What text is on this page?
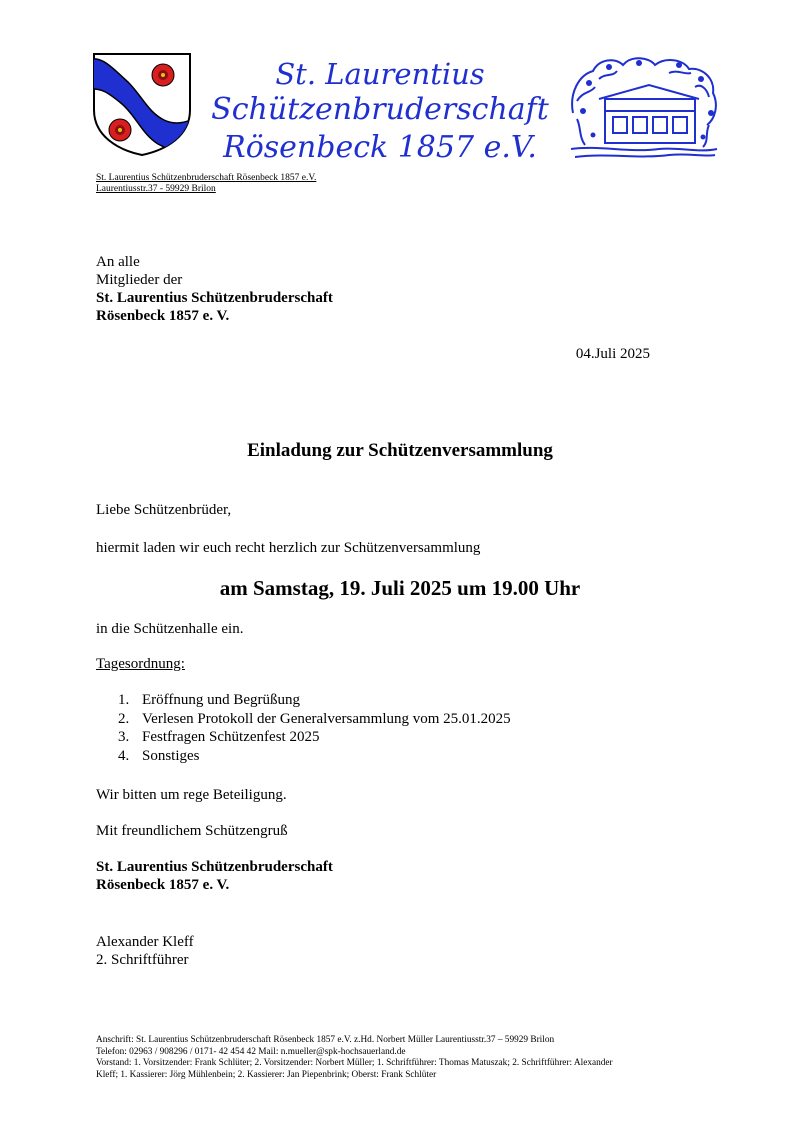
St. Laurentius
Schützenbruderschaft
Rösenbeck 1857 e.V.
St. Laurentius Schützenbruderschaft Rösenbeck 1857 e.V.
Laurentiusstr.37 - 59929 Brilon
An alle
Mitglieder der
St. Laurentius Schützenbruderschaft
Rösenbeck 1857 e. V.
04.Juli 2025
Einladung zur Schützenversammlung
Liebe Schützenbrüder,
hiermit laden wir euch recht herzlich zur Schützenversammlung
am Samstag, 19. Juli 2025 um 19.00 Uhr
in die Schützenhalle ein.
Tagesordnung:
1. Eröffnung und Begrüßung
2. Verlesen Protokoll der Generalversammlung vom 25.01.2025
3. Festfragen Schützenfest 2025
4. Sonstiges
Wir bitten um rege Beteiligung.
Mit freundlichem Schützengruß
St. Laurentius Schützenbruderschaft
Rösenbeck 1857 e. V.
Alexander Kleff
2. Schriftführer
Anschrift: St. Laurentius Schützenbruderschaft Rösenbeck 1857 e.V. z.Hd. Norbert Müller Laurentiusstr.37 – 59929 Brilon
Telefon: 02963 / 908296 / 0171- 42 454 42 Mail: n.mueller@spk-hochsauerland.de
Vorstand: 1. Vorsitzender: Frank Schlüter; 2. Vorsitzender: Norbert Müller; 1. Schriftführer: Thomas Matuszak; 2. Schriftführer: Alexander
Kleff; 1. Kassierer: Jörg Mühlenbein; 2. Kassierer: Jan Piepenbrink; Oberst: Frank Schlüter
